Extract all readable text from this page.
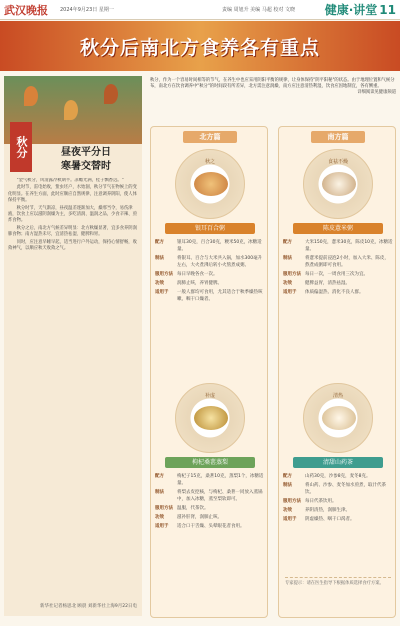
武汉晚报 2024年9月23日 星期一	责编 周旭升 美编 马超 校对 文晓 健康·讲堂 11
秋分后南北方食养各有重点
秋分	昼夜平分日
寒暑交替时

"金气秋分，风清露冷秋期半。凉蟾光满，桂子飘香远。"

此时节，雷电始收，蛰虫坯户，水始涸，秋分节气在物候上的变化明显。在养生方面，此时应顺应自然规律，注意调养阴阳，使人体保持平衡。

秋分时节，天气渐凉，昼夜温差逐渐加大，燥邪当令，易伤津液，饮食上应以滋阴润燥为主，多吃清润、温润之品，少食辛辣、煎炸食物。

秋分之后，南北方气候差异明显：北方秋燥显著，宜多食养阴润肺食物；南方湿热未尽，宜清热祛湿、健脾和胃。

同时，应注意早睡早起，适当进行户外运动，保持心情舒畅，收敛神气，以顺应秋天收敛之气。

新华社记者杨思北 顾晨 刘新华社上海9月22日电
秋分，作为一个容易时间相等的节气，在养生中也应采用阴阳平衡的规律，让身体保持"阴平阳秘"的状态。由于地理位置和气候分布，南北方在饮食调养中"秋分"的时间段有所差异，北方需注意润燥，南方应注意清热利湿，饮食应因地制宜，各有侧重。
详细阅读见健康频道
北方篇
秋之
银耳百合粥
配方	银耳30克，百合30克，粳米50克，冰糖适量。
制法	将银耳、百合与大米共入锅，加水300毫升左右，大火煮沸后转小火熬煮成粥。
服用方法 每日早晚各食一次。
功效	润肺止咳，养胃健脾。
适用于	一般人群均可食用，尤其适合于秋季燥热咳嗽、咽干口燥者。
补虚
枸杞桑葚蒸梨
配方	枸杞子15克，桑葚10克，蒸梨1个，冰糖适量。
制法	将梨去皮挖核，与枸杞、桑葚一同放入蒸锅中，加入冰糖，蒸至梨软即可。
服用方法 温服，代茶饮。
功效	滋补肝肾，润肺止咳。
适用于	适合口干舌燥、头晕眼花者食用。
南方篇
食祛不燥
陈皮薏米粥
配方	大米150克，薏米30克，陈皮10克，冰糖适量。
制法	将薏米提前浸泡2小时，加入大米、陈皮，熬煮成粥即可食用。
服用方法 每日一次，一周食用三次为宜。
功效	健脾益胃，清热祛湿。
适用于	体质偏湿热、消化不良人群。
清热
清甜山药茶
配方	山药30克，沙参8克，麦冬8克。
制法	将山药、沙参、麦冬加水煎煮，取汁代茶饮。
服用方法 每日代茶饮用。
功效	养阴清热，润肺生津。
适用于	阴虚燥热、咽干口渴者。
专家提示：请在医生指导下根据体质选择食疗方案。
